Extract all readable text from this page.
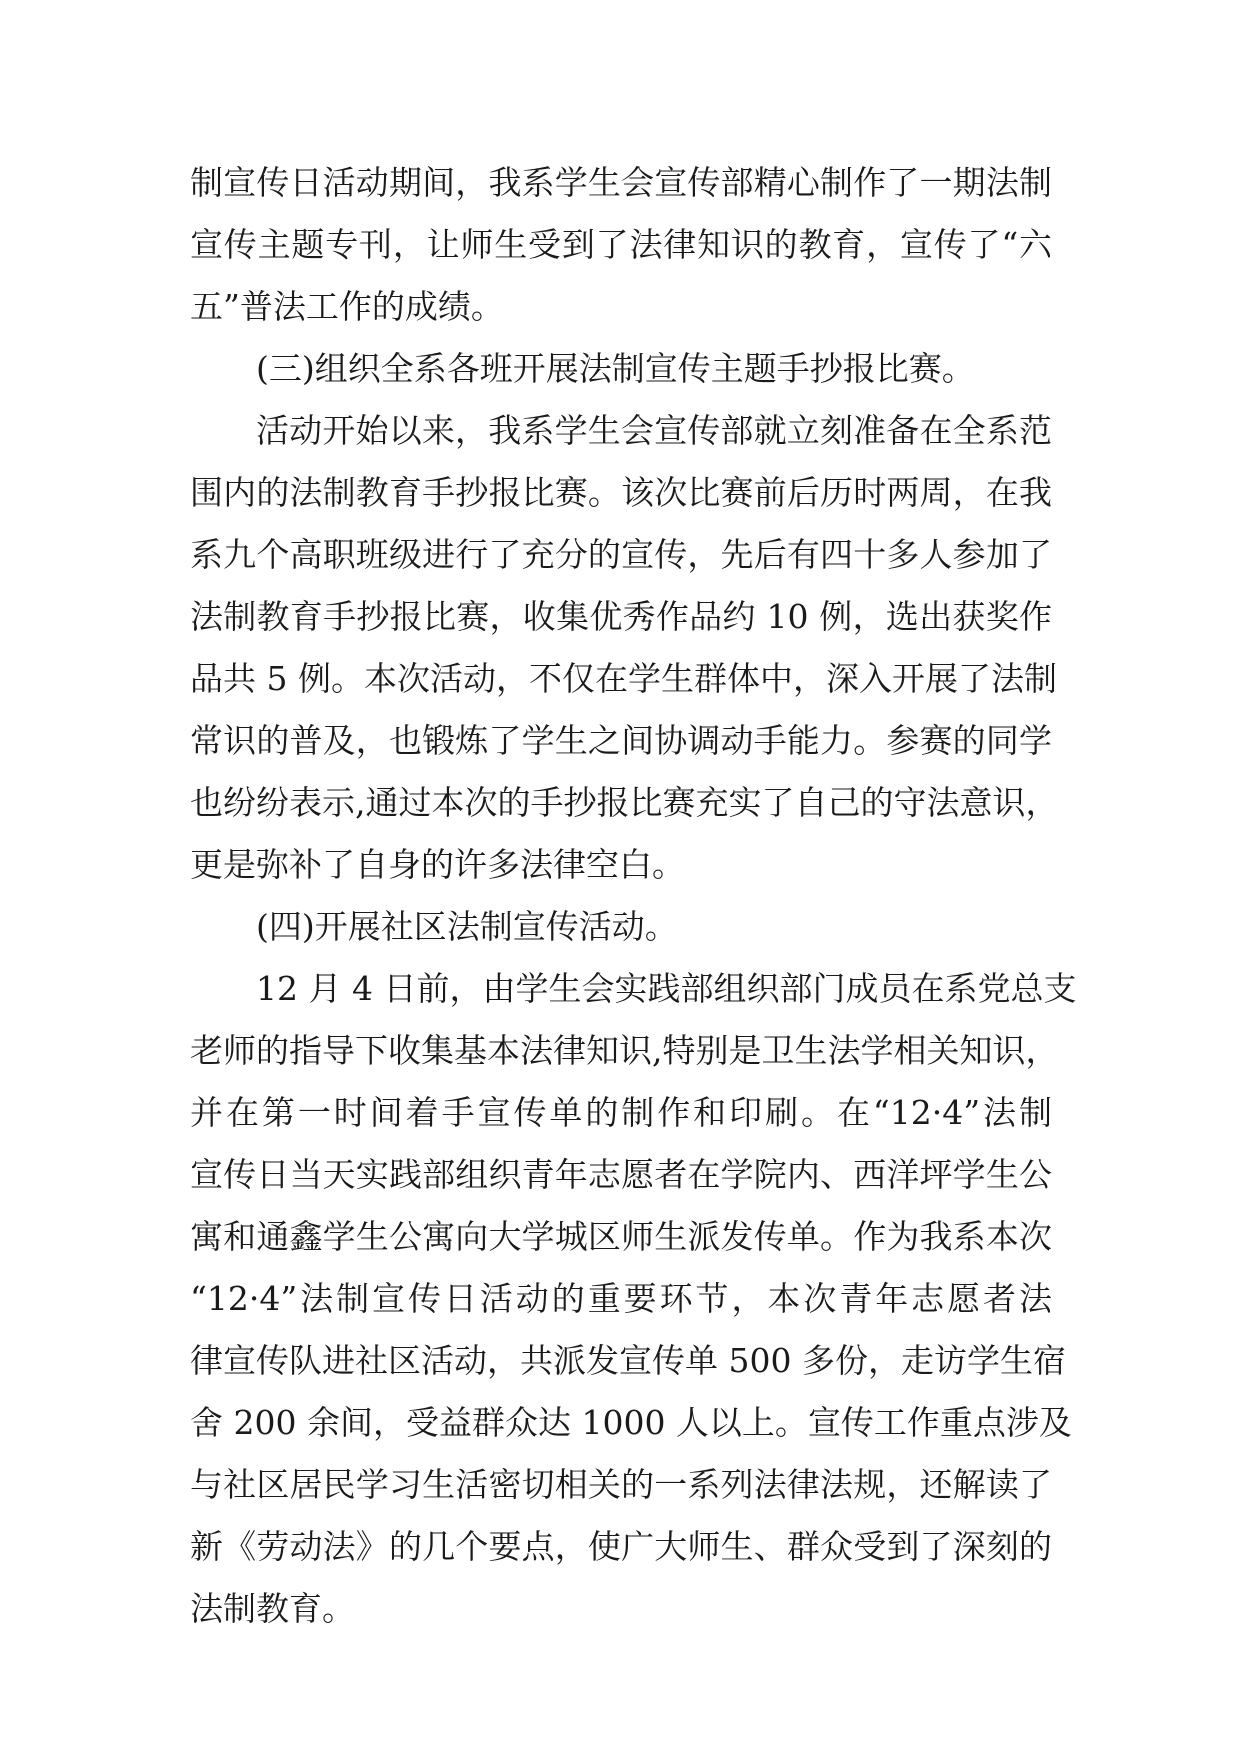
制宣传日活动期间，我系学生会宣传部精心制作了一期法制
宣传主题专刊，让师生受到了法律知识的教育，宣传了“六
五”普法工作的成绩。
(三)组织全系各班开展法制宣传主题手抄报比赛。
活动开始以来，我系学生会宣传部就立刻准备在全系范
围内的法制教育手抄报比赛。该次比赛前后历时两周，在我
系九个高职班级进行了充分的宣传，先后有四十多人参加了
法制教育手抄报比赛，收集优秀作品约 10 例，选出获奖作
品共 5 例。本次活动，不仅在学生群体中，深入开展了法制
常识的普及，也锻炼了学生之间协调动手能力。参赛的同学
也纷纷表示,通过本次的手抄报比赛充实了自己的守法意识，
更是弥补了自身的许多法律空白。
(四)开展社区法制宣传活动。
12 月 4 日前，由学生会实践部组织部门成员在系党总支
老师的指导下收集基本法律知识,特别是卫生法学相关知识，
并在第一时间着手宣传单的制作和印刷。在“12·4”法制
宣传日当天实践部组织青年志愿者在学院内、西洋坪学生公
寓和通鑫学生公寓向大学城区师生派发传单。作为我系本次
“12·4”法制宣传日活动的重要环节，本次青年志愿者法
律宣传队进社区活动，共派发宣传单 500 多份，走访学生宿
舍 200 余间，受益群众达 1000 人以上。宣传工作重点涉及
与社区居民学习生活密切相关的一系列法律法规，还解读了
新《劳动法》的几个要点，使广大师生、群众受到了深刻的
法制教育。
